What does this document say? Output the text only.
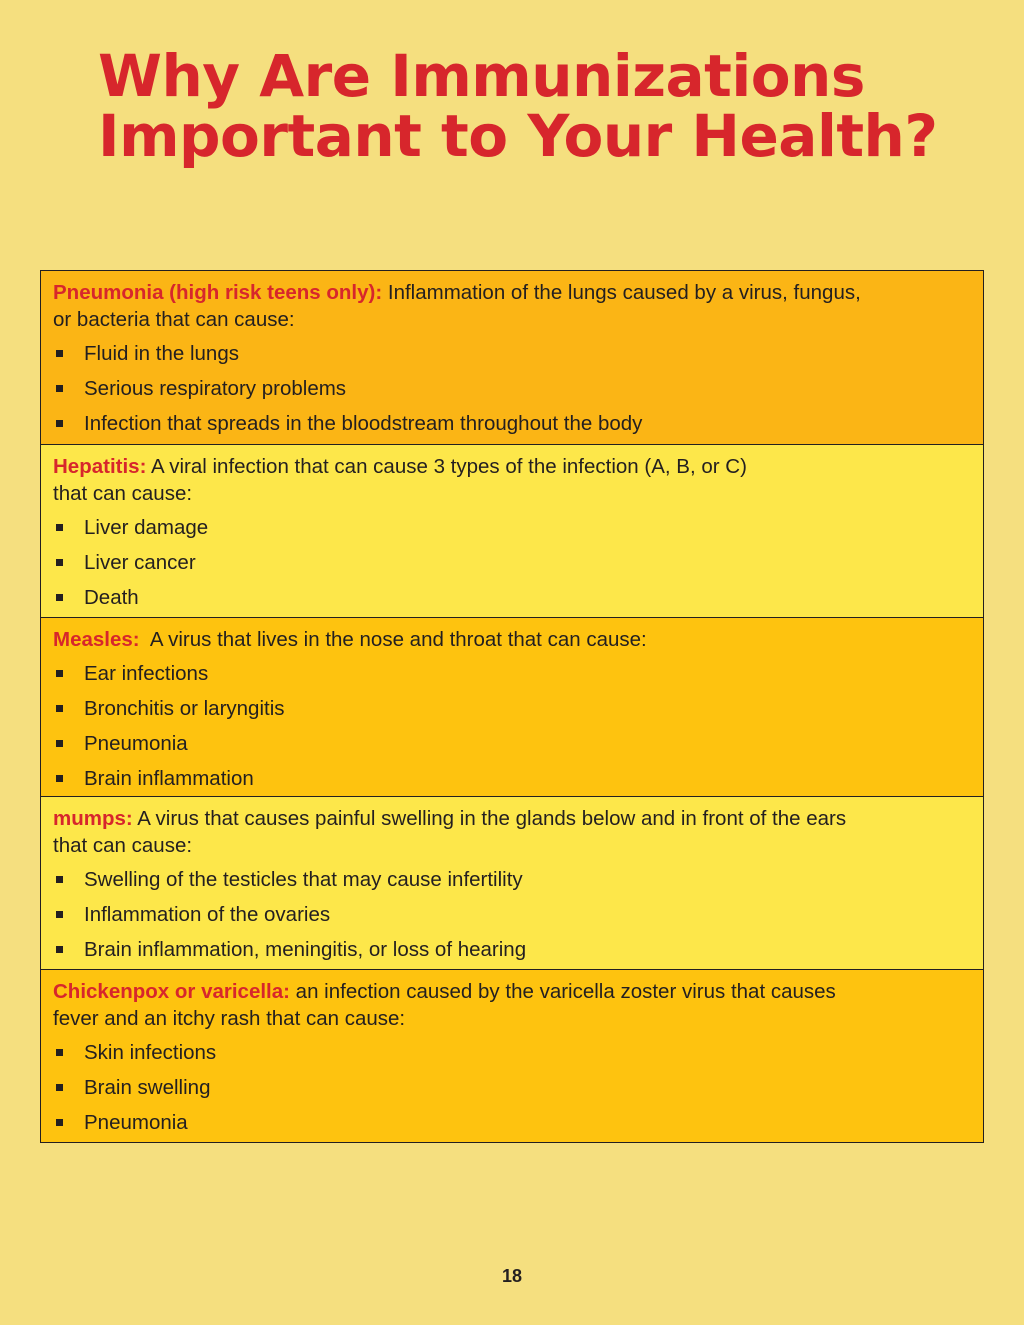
Why Are Immunizations
Important to Your Health?

Pneumonia (high risk teens only): Inflammation of the lungs caused by a virus, fungus,
or bacteria that can cause:

Fluid in the lungs
Serious respiratory problems
Infection that spreads in the bloodstream throughout the body

Hepatitis: A viral infection that can cause 3 types of the infection (A, B, or C)
that can cause:

Liver damage
Liver cancer
Death

Measles:  A virus that lives in the nose and throat that can cause:

Ear infections
Bronchitis or laryngitis
Pneumonia
Brain inflammation

mumps: A virus that causes painful swelling in the glands below and in front of the ears
that can cause:

Swelling of the testicles that may cause infertility
Inflammation of the ovaries
Brain inflammation, meningitis, or loss of hearing

Chickenpox or varicella: an infection caused by the varicella zoster virus that causes
fever and an itchy rash that can cause:

Skin infections
Brain swelling
Pneumonia
18
